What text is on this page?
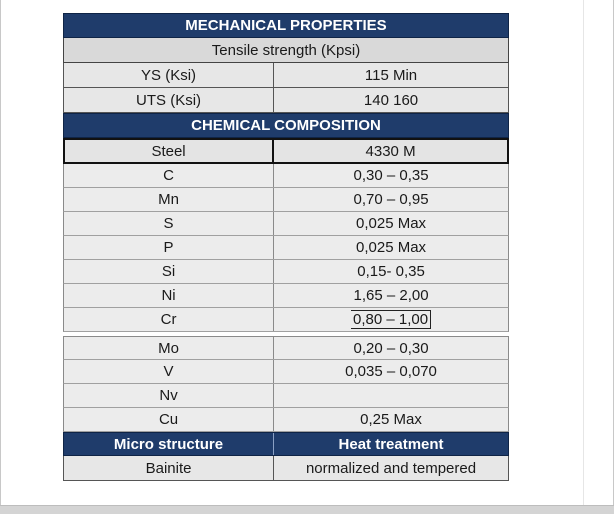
MECHANICAL PROPERTIES
Tensile strength (Kpsi)
YS (Ksi)	115 Min
UTS (Ksi)	140 160
CHEMICAL COMPOSITION
Steel	4330 M
C	0,30 – 0,35
Mn	0,70 – 0,95
S	0,025 Max
P	0,025 Max
Si	0,15- 0,35
Ni	1,65 – 2,00
Cr	0,80 – 1,00
Mo	0,20 – 0,30
V	0,035 – 0,070
Nv
Cu	0,25 Max
Micro structure	Heat treatment
Bainite	normalized and tempered
